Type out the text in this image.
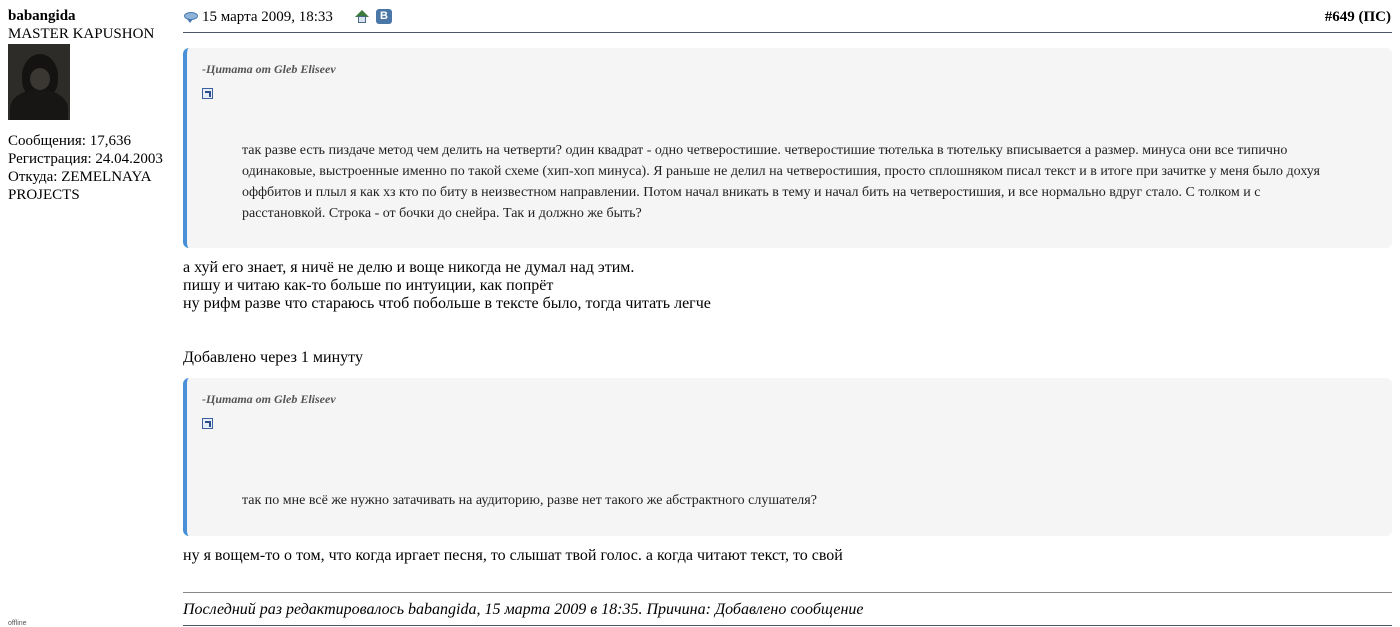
babangida
MASTER KAPUSHON
Сообщения: 17,636
Регистрация: 24.04.2003
Откуда: ZEMELNAYA PROJECTS
offline
15 марта 2009, 18:33	В	#649 (ПС)
-Цитата от Gleb Eliseev
так разве есть пиздаче метод чем делить на четверти? один квадрат - одно четверостишие. четверостишие тютелька в тютельку вписывается а размер. минуса они все типично одинаковые, выстроенные именно по такой схеме (хип-хоп минуса). Я раньше не делил на четверостишия, просто сплошняком писал текст и в итоге при зачитке у меня было дохуя оффбитов и плыл я как хз кто по биту в неизвестном направлении. Потом начал вникать в тему и начал бить на четверостишия, и все нормально вдруг стало. С толком и с расстановкой. Строка - от бочки до снейра. Так и должно же быть?
а хуй его знает, я ничё не делю и воще никогда не думал над этим.
пишу и читаю как-то больше по интуиции, как попрёт
ну рифм разве что стараюсь чтоб побольше в тексте было, тогда читать легче
Добавлено через 1 минуту
-Цитата от Gleb Eliseev
так по мне всё же нужно затачивать на аудиторию, разве нет такого же абстрактного слушателя?
ну я вощем-то о том, что когда иргает песня, то слышат твой голос. а когда читают текст, то свой
Последний раз редактировалось babangida, 15 марта 2009 в 18:35. Причина: Добавлено сообщение
